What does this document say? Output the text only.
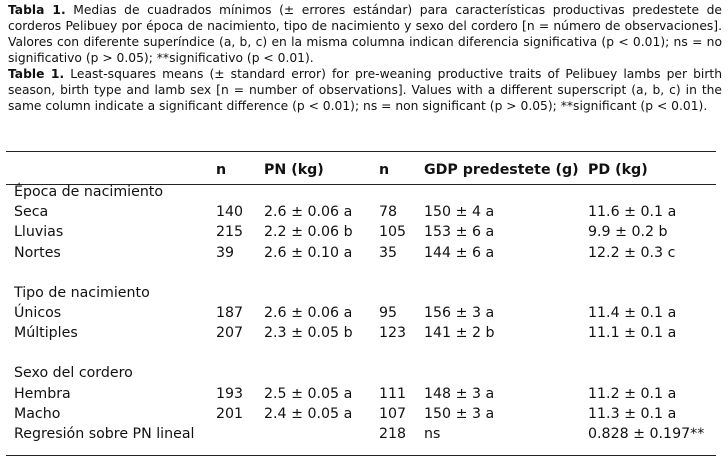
Tabla 1. Medias de cuadrados mínimos (± errores estándar) para características productivas predestete de corderos Pelibuey por época de nacimiento, tipo de nacimiento y sexo del cordero [n = número de observaciones]. Valores con diferente superíndice (a, b, c) en la misma columna indican diferencia significativa (p < 0.01); ns = no significativo (p > 0.05); **significativo (p < 0.01).

Table 1. Least-squares means (± standard error) for pre-weaning productive traits of Pelibuey lambs per birth season, birth type and lamb sex [n = number of observations]. Values with a different superscript (a, b, c) in the same column indicate a significant difference (p < 0.01); ns = non significant (p > 0.05); **significant (p < 0.01).

	n	PN (kg)	n	GDP predestete (g)	PD (kg)
Época de nacimiento					
Seca	140	2.6 ± 0.06 a	78	150 ± 4 a	11.6 ± 0.1 a
Lluvias	215	2.2 ± 0.06 b	105	153 ± 6 a	9.9 ± 0.2 b
Nortes	39	2.6 ± 0.10 a	35	144 ± 6 a	12.2 ± 0.3 c

Tipo de nacimiento					
Únicos	187	2.6 ± 0.06 a	95	156 ± 3 a	11.4 ± 0.1 a
Múltiples	207	2.3 ± 0.05 b	123	141 ± 2 b	11.1 ± 0.1 a

Sexo del cordero					
Hembra	193	2.5 ± 0.05 a	111	148 ± 3 a	11.2 ± 0.1 a
Macho	201	2.4 ± 0.05 a	107	150 ± 3 a	11.3 ± 0.1 a
Regresión sobre PN lineal			218	ns	0.828 ± 0.197**
